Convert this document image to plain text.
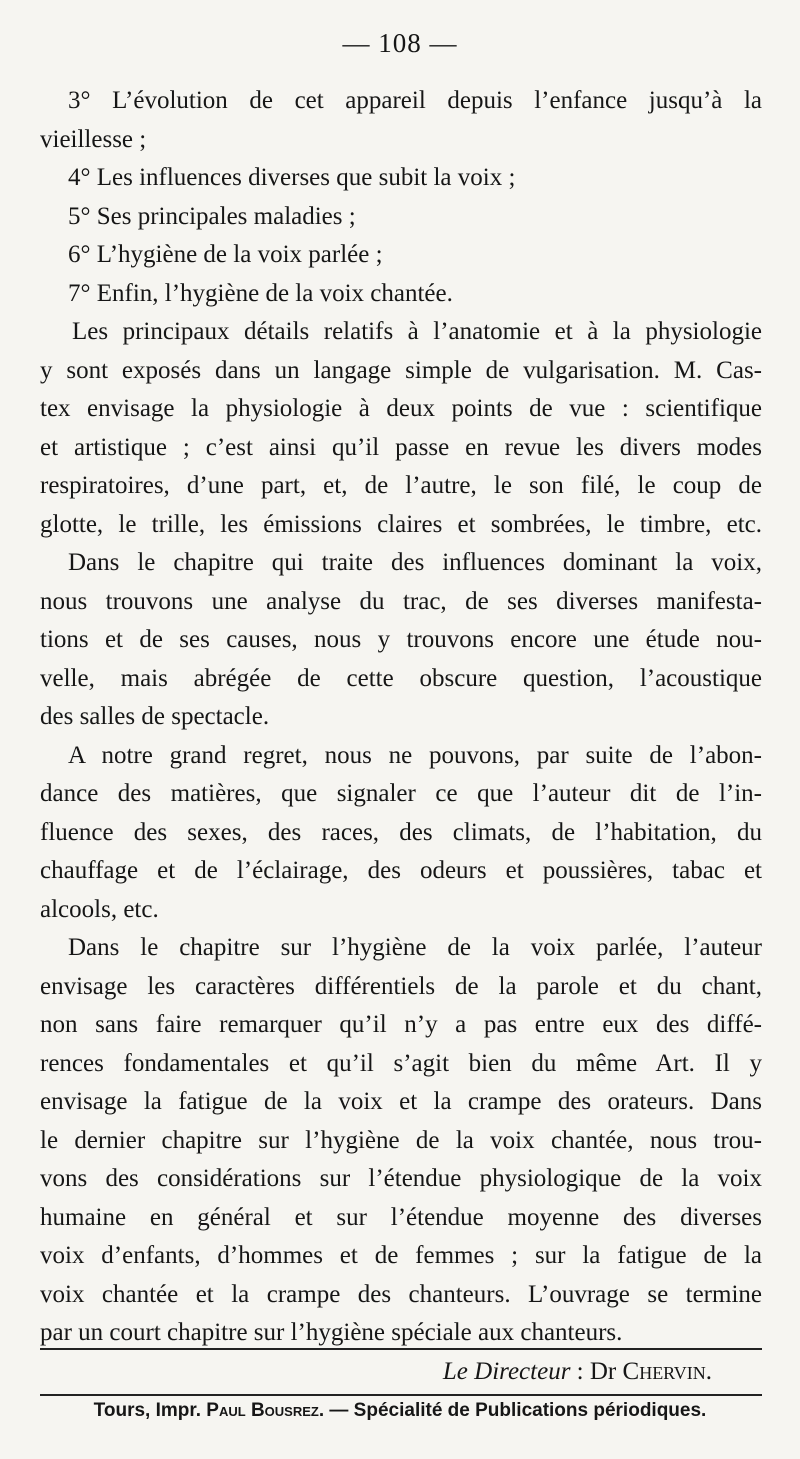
— 108 —
3° L’évolution de cet appareil depuis l’enfance jusqu’à la
vieillesse ;
4° Les influences diverses que subit la voix ;
5° Ses principales maladies ;
6° L’hygiène de la voix parlée ;
7° Enfin, l’hygiène de la voix chantée.
Les principaux détails relatifs à l’anatomie et à la physiologie
y sont exposés dans un langage simple de vulgarisation. M. Cas-
tex envisage la physiologie à deux points de vue : scientifique
et artistique ; c’est ainsi qu’il passe en revue les divers modes
respiratoires, d’une part, et, de l’autre, le son filé, le coup de
glotte, le trille, les émissions claires et sombrées, le timbre, etc.
Dans le chapitre qui traite des influences dominant la voix,
nous trouvons une analyse du trac, de ses diverses manifesta-
tions et de ses causes, nous y trouvons encore une étude nou-
velle, mais abrégée de cette obscure question, l’acoustique
des salles de spectacle.
A notre grand regret, nous ne pouvons, par suite de l’abon-
dance des matières, que signaler ce que l’auteur dit de l’in-
fluence des sexes, des races, des climats, de l’habitation, du
chauffage et de l’éclairage, des odeurs et poussières, tabac et
alcools, etc.
Dans le chapitre sur l’hygiène de la voix parlée, l’auteur
envisage les caractères différentiels de la parole et du chant,
non sans faire remarquer qu’il n’y a pas entre eux des diffé-
rences fondamentales et qu’il s’agit bien du même Art. Il y
envisage la fatigue de la voix et la crampe des orateurs. Dans
le dernier chapitre sur l’hygiène de la voix chantée, nous trou-
vons des considérations sur l’étendue physiologique de la voix
humaine en général et sur l’étendue moyenne des diverses
voix d’enfants, d’hommes et de femmes ; sur la fatigue de la
voix chantée et la crampe des chanteurs. L’ouvrage se termine
par un court chapitre sur l’hygiène spéciale aux chanteurs.
Le Directeur : Dr Chervin.
Tours, Impr. Paul Bousrez. — Spécialité de Publications périodiques.
